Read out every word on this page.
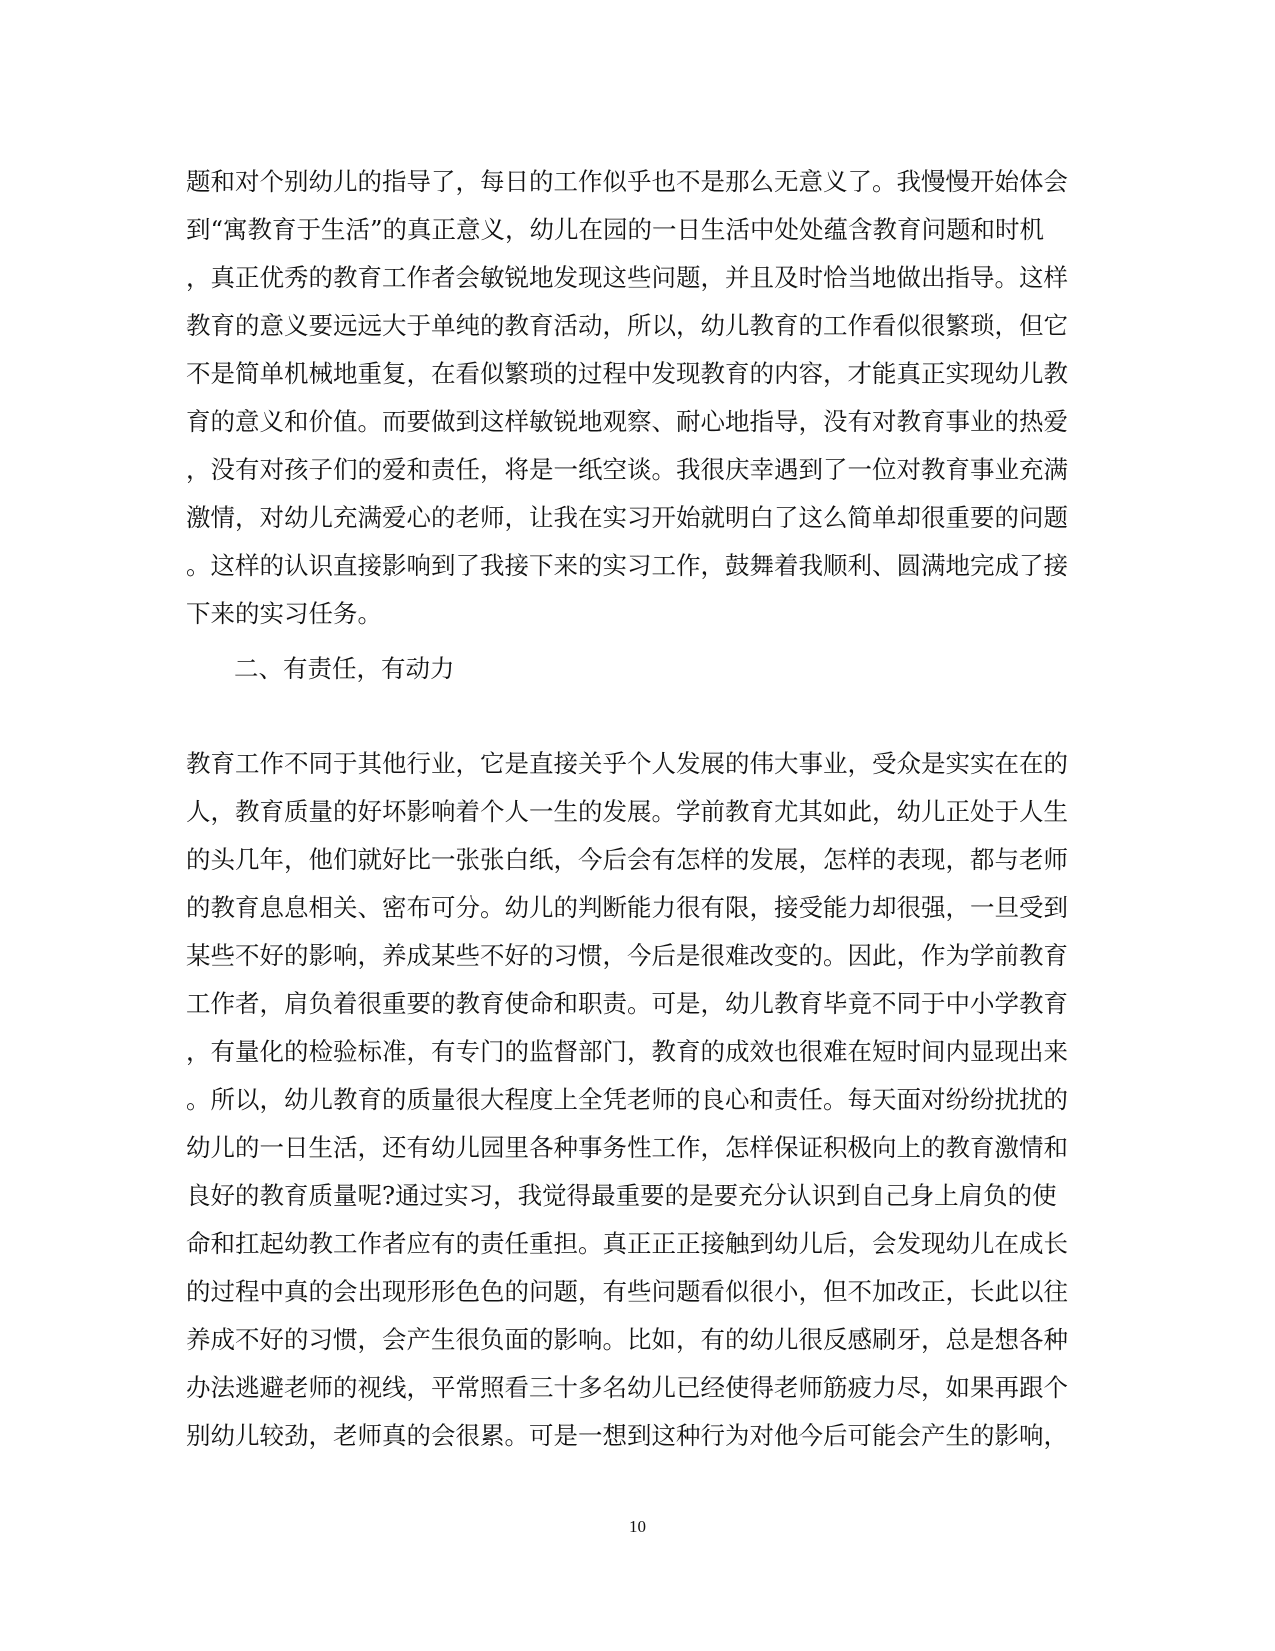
题和对个别幼儿的指导了，每日的工作似乎也不是那么无意义了。我慢慢开始体会
到“寓教育于生活”的真正意义，幼儿在园的一日生活中处处蕴含教育问题和时机
，真正优秀的教育工作者会敏锐地发现这些问题，并且及时恰当地做出指导。这样
教育的意义要远远大于单纯的教育活动，所以，幼儿教育的工作看似很繁琐，但它
不是简单机械地重复，在看似繁琐的过程中发现教育的内容，才能真正实现幼儿教
育的意义和价值。而要做到这样敏锐地观察、耐心地指导，没有对教育事业的热爱
，没有对孩子们的爱和责任，将是一纸空谈。我很庆幸遇到了一位对教育事业充满
激情，对幼儿充满爱心的老师，让我在实习开始就明白了这么简单却很重要的问题
。这样的认识直接影响到了我接下来的实习工作，鼓舞着我顺利、圆满地完成了接
下来的实习任务。
二、有责任，有动力
教育工作不同于其他行业，它是直接关乎个人发展的伟大事业，受众是实实在在的
人，教育质量的好坏影响着个人一生的发展。学前教育尤其如此，幼儿正处于人生
的头几年，他们就好比一张张白纸，今后会有怎样的发展，怎样的表现，都与老师
的教育息息相关、密布可分。幼儿的判断能力很有限，接受能力却很强，一旦受到
某些不好的影响，养成某些不好的习惯，今后是很难改变的。因此，作为学前教育
工作者，肩负着很重要的教育使命和职责。可是，幼儿教育毕竟不同于中小学教育
，有量化的检验标准，有专门的监督部门，教育的成效也很难在短时间内显现出来
。所以，幼儿教育的质量很大程度上全凭老师的良心和责任。每天面对纷纷扰扰的
幼儿的一日生活，还有幼儿园里各种事务性工作，怎样保证积极向上的教育激情和
良好的教育质量呢?通过实习，我觉得最重要的是要充分认识到自己身上肩负的使
命和扛起幼教工作者应有的责任重担。真正正正接触到幼儿后，会发现幼儿在成长
的过程中真的会出现形形色色的问题，有些问题看似很小，但不加改正，长此以往
养成不好的习惯，会产生很负面的影响。比如，有的幼儿很反感刷牙，总是想各种
办法逃避老师的视线，平常照看三十多名幼儿已经使得老师筋疲力尽，如果再跟个
别幼儿较劲，老师真的会很累。可是一想到这种行为对他今后可能会产生的影响，
10
